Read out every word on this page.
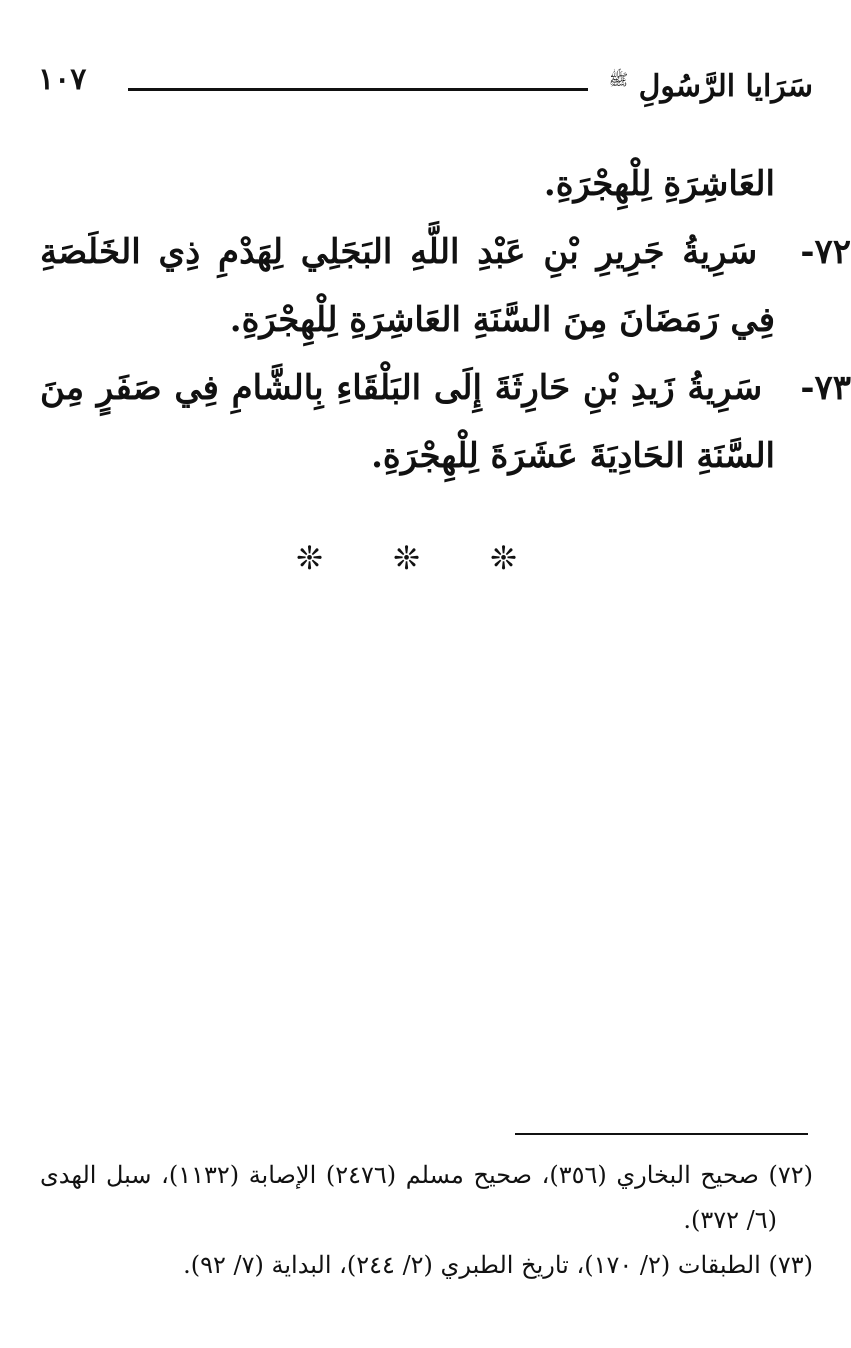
١٠٧	سَرَايا الرَّسُولِ $^ﷺ$

العَاشِرَةِ لِلْهِجْرَةِ.

٧٢- سَرِيةُ جَرِيرِ بْنِ عَبْدِ اللَّهِ البَجَلِي لِهَدْمِ ذِي الخَلَصَةِ فِي رَمَضَانَ مِنَ السَّنَةِ العَاشِرَةِ لِلْهِجْرَةِ.

٧٣- سَرِيةُ زَيدِ بْنِ حَارِثَةَ إِلَى البَلْقَاءِ بِالشَّامِ فِي صَفَرٍ مِنَ السَّنَةِ الحَادِيَةَ عَشَرَةَ لِلْهِجْرَةِ.

❊ ❊ ❊

(٧٢) صحيح البخاري (٣٥٦)، صحيح مسلم (٢٤٧٦) الإصابة (١١٣٢)، سبل الهدى (٦/ ٣٧٢).

(٧٣) الطبقات (٢/ ١٧٠)، تاريخ الطبري (٢/ ٢٤٤)، البداية (٧/ ٩٢).
